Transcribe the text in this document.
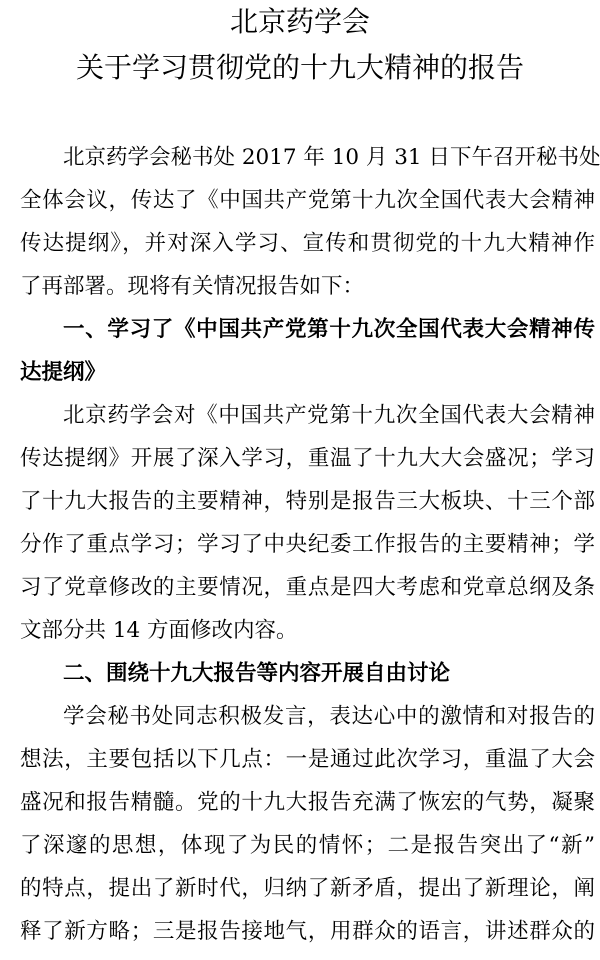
北京药学会
关于学习贯彻党的十九大精神的报告
北京药学会秘书处 2017 年 10 月 31 日下午召开秘书处
全体会议，传达了《中国共产党第十九次全国代表大会精神
传达提纲》，并对深入学习、宣传和贯彻党的十九大精神作
了再部署。现将有关情况报告如下：
一、学习了《中国共产党第十九次全国代表大会精神传
达提纲》
北京药学会对《中国共产党第十九次全国代表大会精神
传达提纲》开展了深入学习，重温了十九大大会盛况；学习
了十九大报告的主要精神，特别是报告三大板块、十三个部
分作了重点学习；学习了中央纪委工作报告的主要精神；学
习了党章修改的主要情况，重点是四大考虑和党章总纲及条
文部分共 14 方面修改内容。
二、围绕十九大报告等内容开展自由讨论
学会秘书处同志积极发言，表达心中的激情和对报告的
想法，主要包括以下几点：一是通过此次学习，重温了大会
盛况和报告精髓。党的十九大报告充满了恢宏的气势，凝聚
了深邃的思想，体现了为民的情怀；二是报告突出了“新”
的特点，提出了新时代，归纳了新矛盾，提出了新理论，阐
释了新方略；三是报告接地气，用群众的语言，讲述群众的
